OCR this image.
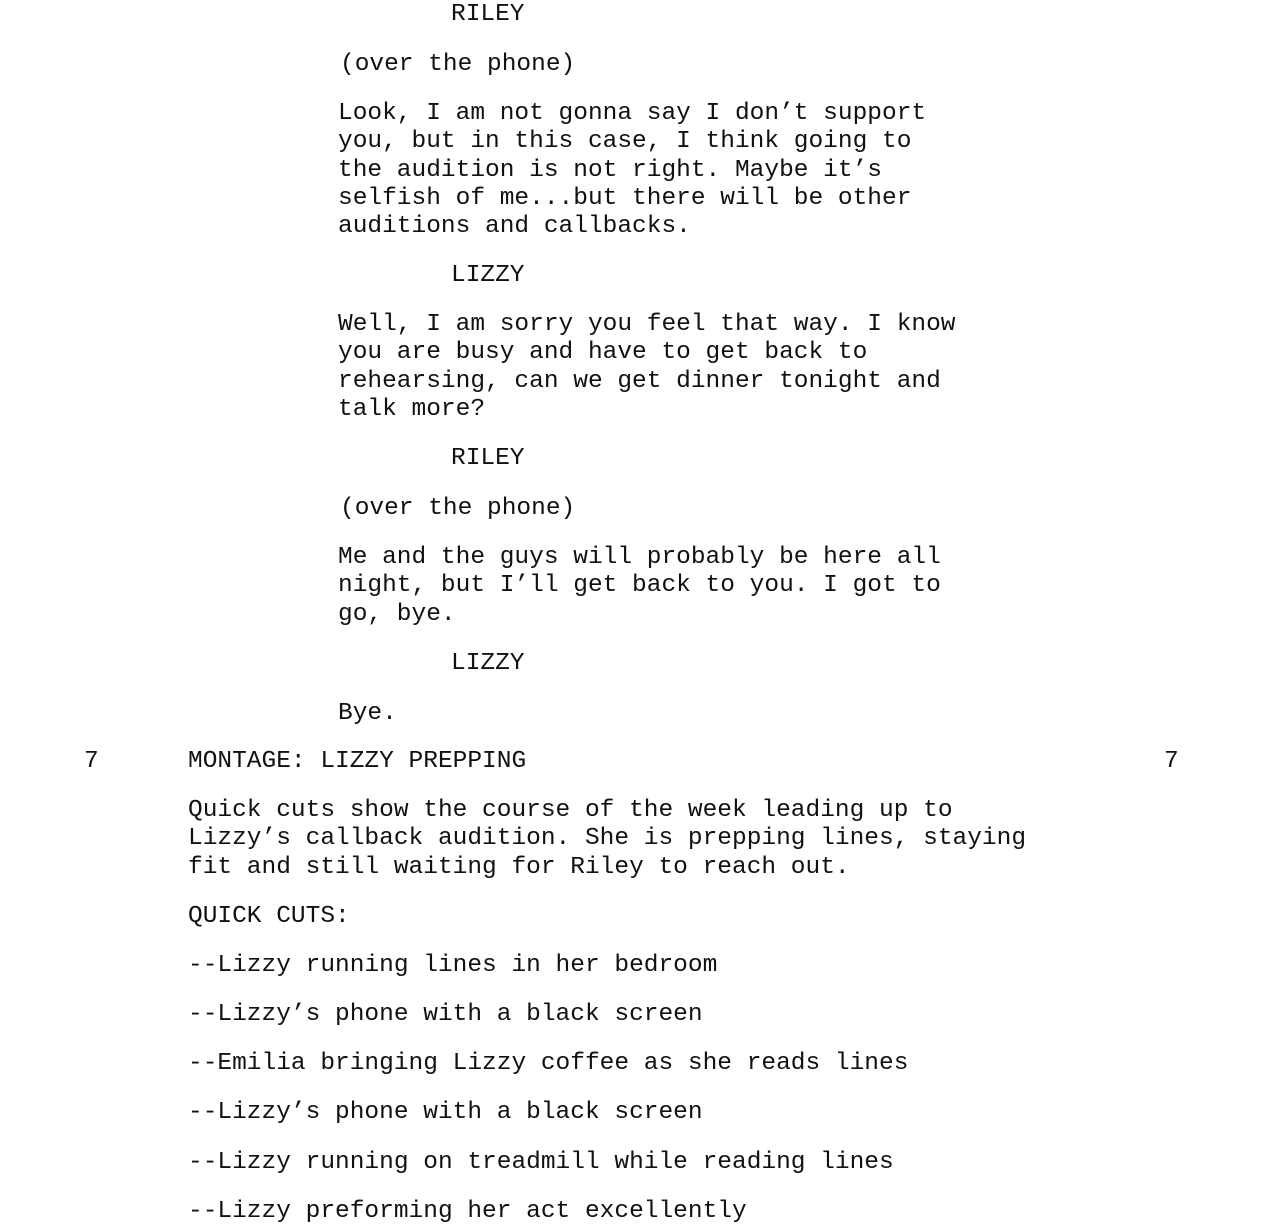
RILEY
(over the phone)
Look, I am not gonna say I don’t support
you, but in this case, I think going to
the audition is not right. Maybe it’s
selfish of me...but there will be other
auditions and callbacks.
LIZZY
Well, I am sorry you feel that way. I know
you are busy and have to get back to
rehearsing, can we get dinner tonight and
talk more?
RILEY
(over the phone)
Me and the guys will probably be here all
night, but I’ll get back to you. I got to
go, bye.
LIZZY
Bye.
7	MONTAGE: LIZZY PREPPING	7
Quick cuts show the course of the week leading up to
Lizzy’s callback audition. She is prepping lines, staying
fit and still waiting for Riley to reach out.
QUICK CUTS:
--Lizzy running lines in her bedroom
--Lizzy’s phone with a black screen
--Emilia bringing Lizzy coffee as she reads lines
--Lizzy’s phone with a black screen
--Lizzy running on treadmill while reading lines
--Lizzy preforming her act excellently
